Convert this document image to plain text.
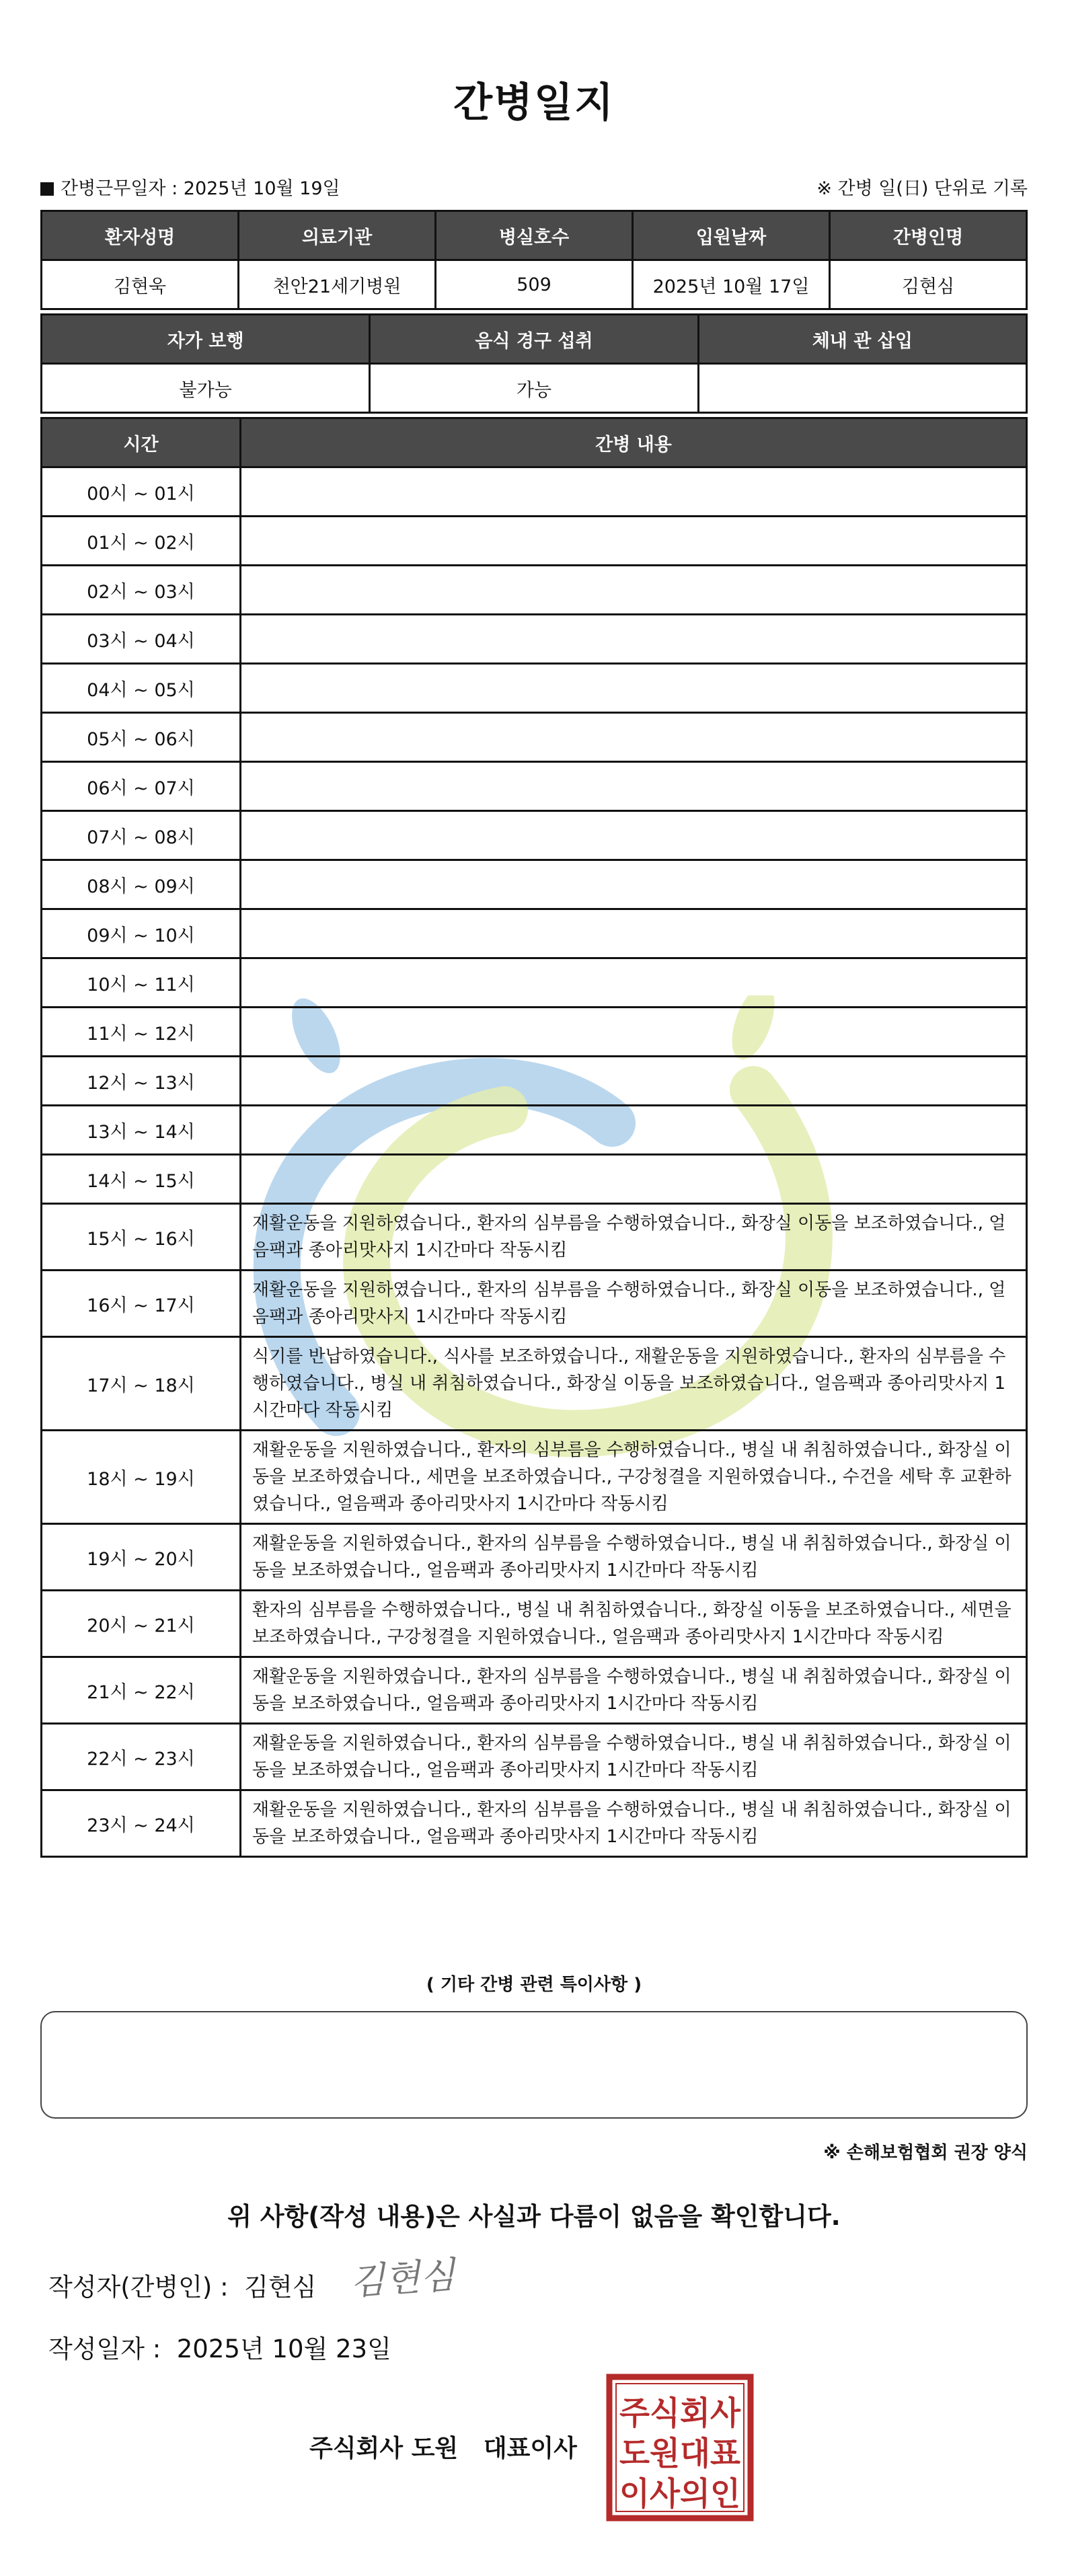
간병일지
간병근무일자 : 2025년 10월 19일	※ 간병 일(日) 단위로 기록
환자성명	의료기관	병실호수	입원날짜	간병인명
김현욱	천안21세기병원	509	2025년 10월 17일	김현심
자가 보행	음식 경구 섭취	체내 관 삽입
불가능	가능	
시간	간병 내용
00시 ~ 01시	
01시 ~ 02시	
02시 ~ 03시	
03시 ~ 04시	
04시 ~ 05시	
05시 ~ 06시	
06시 ~ 07시	
07시 ~ 08시	
08시 ~ 09시	
09시 ~ 10시	
10시 ~ 11시	
11시 ~ 12시	
12시 ~ 13시	
13시 ~ 14시	
14시 ~ 15시	
15시 ~ 16시	재활운동을 지원하였습니다., 환자의 심부름을 수행하였습니다., 화장실 이동을 보조하였습니다., 얼음팩과 종아리맛사지 1시간마다 작동시킴
16시 ~ 17시	재활운동을 지원하였습니다., 환자의 심부름을 수행하였습니다., 화장실 이동을 보조하였습니다., 얼음팩과 종아리맛사지 1시간마다 작동시킴
17시 ~ 18시	식기를 반납하였습니다., 식사를 보조하였습니다., 재활운동을 지원하였습니다., 환자의 심부름을 수행하였습니다., 병실 내 취침하였습니다., 화장실 이동을 보조하였습니다., 얼음팩과 종아리맛사지 1시간마다 작동시킴
18시 ~ 19시	재활운동을 지원하였습니다., 환자의 심부름을 수행하였습니다., 병실 내 취침하였습니다., 화장실 이동을 보조하였습니다., 세면을 보조하였습니다., 구강청결을 지원하였습니다., 수건을 세탁 후 교환하였습니다., 얼음팩과 종아리맛사지 1시간마다 작동시킴
19시 ~ 20시	재활운동을 지원하였습니다., 환자의 심부름을 수행하였습니다., 병실 내 취침하였습니다., 화장실 이동을 보조하였습니다., 얼음팩과 종아리맛사지 1시간마다 작동시킴
20시 ~ 21시	환자의 심부름을 수행하였습니다., 병실 내 취침하였습니다., 화장실 이동을 보조하였습니다., 세면을 보조하였습니다., 구강청결을 지원하였습니다., 얼음팩과 종아리맛사지 1시간마다 작동시킴
21시 ~ 22시	재활운동을 지원하였습니다., 환자의 심부름을 수행하였습니다., 병실 내 취침하였습니다., 화장실 이동을 보조하였습니다., 얼음팩과 종아리맛사지 1시간마다 작동시킴
22시 ~ 23시	재활운동을 지원하였습니다., 환자의 심부름을 수행하였습니다., 병실 내 취침하였습니다., 화장실 이동을 보조하였습니다., 얼음팩과 종아리맛사지 1시간마다 작동시킴
23시 ~ 24시	재활운동을 지원하였습니다., 환자의 심부름을 수행하였습니다., 병실 내 취침하였습니다., 화장실 이동을 보조하였습니다., 얼음팩과 종아리맛사지 1시간마다 작동시킴
( 기타 간병 관련 특이사항 )
※ 손해보험협회 권장 양식
위 사항(작성 내용)은 사실과 다름이 없음을 확인합니다.
작성자(간병인) : 김현심 김현심
작성일자 : 2025년 10월 23일
주식회사 도원 대표이사
주식회사
도원대표
이사의인
